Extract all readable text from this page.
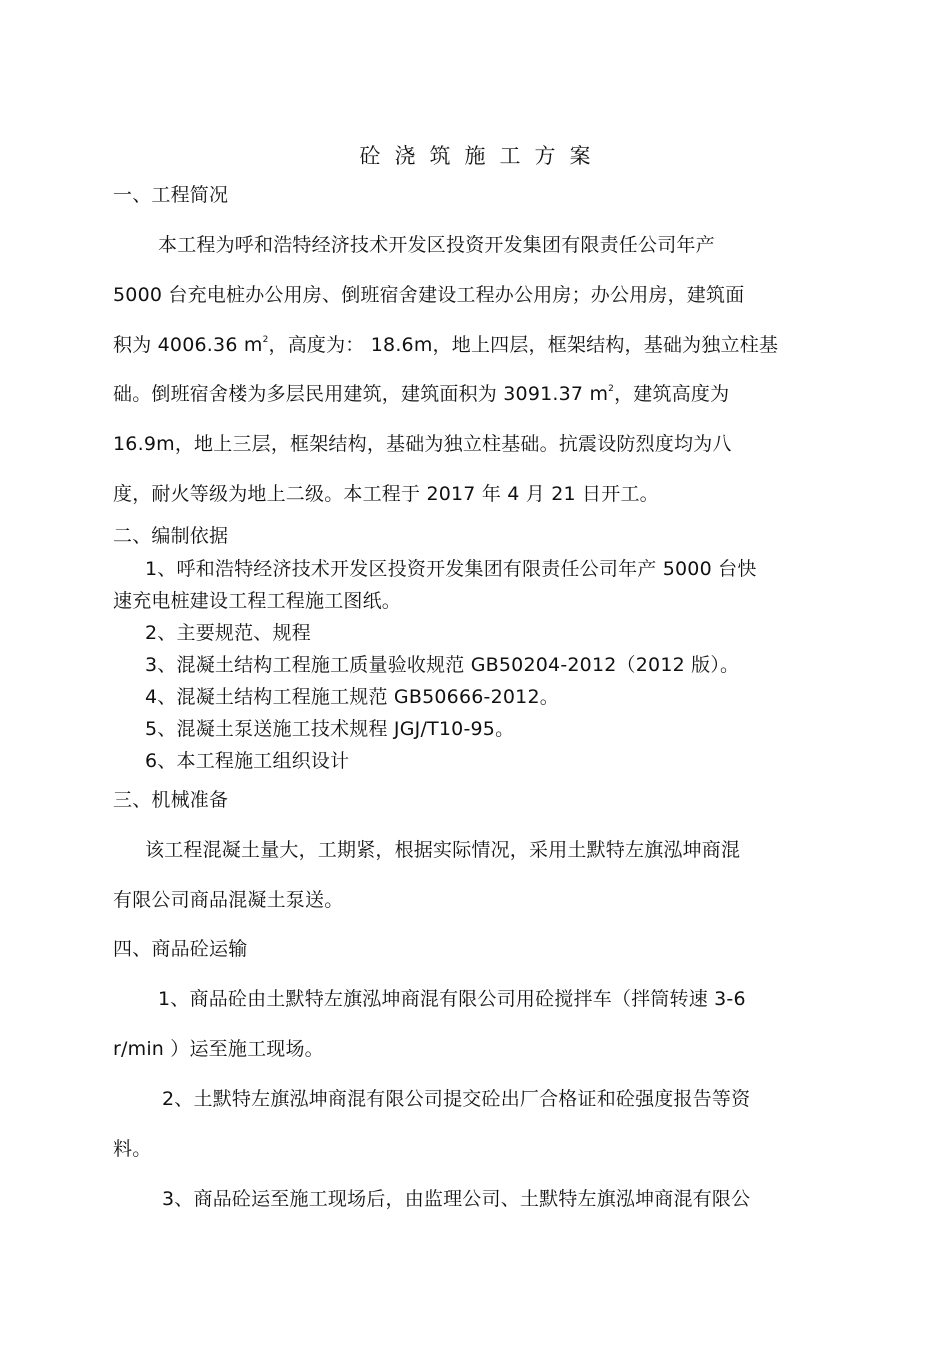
砼浇筑施工方案
一、工程简况
本工程为呼和浩特经济技术开发区投资开发集团有限责任公司年产
5000 台充电桩办公用房、倒班宿舍建设工程办公用房；办公用房，建筑面
积为 4006.36 $m^2$，高度为： 18.6m，地上四层，框架结构，基础为独立柱基
础。倒班宿舍楼为多层民用建筑，建筑面积为 3091.37 $m^2$，建筑高度为
16.9m，地上三层，框架结构，基础为独立柱基础。抗震设防烈度均为八
度，耐火等级为地上二级。本工程于 2017 年 4 月 21 日开工。
二、编制依据
1、呼和浩特经济技术开发区投资开发集团有限责任公司年产 5000 台快
速充电桩建设工程工程施工图纸。
2、主要规范、规程
3、混凝土结构工程施工质量验收规范 GB50204-2012（2012 版）。
4、混凝土结构工程施工规范 GB50666-2012。
5、混凝土泵送施工技术规程 JGJ/T10-95。
6、本工程施工组织设计
三、机械准备
该工程混凝土量大，工期紧，根据实际情况，采用土默特左旗泓坤商混
有限公司商品混凝土泵送。
四、商品砼运输
1、商品砼由土默特左旗泓坤商混有限公司用砼搅拌车（拌筒转速 3-6
r/min ）运至施工现场。
2、土默特左旗泓坤商混有限公司提交砼出厂合格证和砼强度报告等资
料。
3、商品砼运至施工现场后，由监理公司、土默特左旗泓坤商混有限公
